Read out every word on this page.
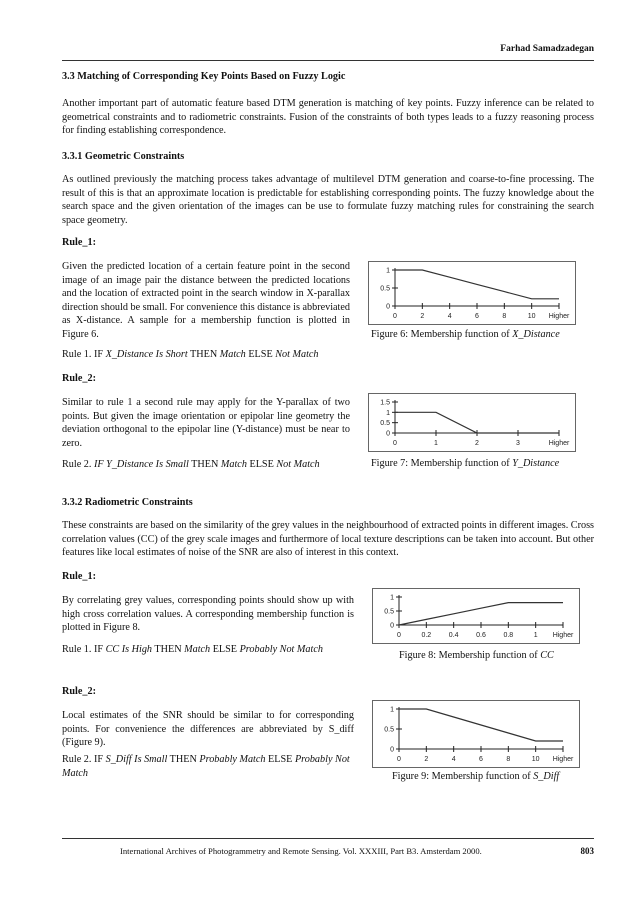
Farhad Samadzadegan
3.3 Matching of Corresponding Key Points Based on Fuzzy Logic
Another important part of automatic feature based DTM generation is matching of key points. Fuzzy inference can be related to geometrical constraints and to radiometric constraints. Fusion of the constraints of both types leads to a fuzzy reasoning process for finding establishing correspondence.
3.3.1 Geometric Constraints
As outlined previously the matching process takes advantage of multilevel DTM generation and coarse-to-fine processing. The result of this is that an approximate location is predictable for establishing corresponding points. The fuzzy knowledge about the search space and the given orientation of the images can be use to formulate fuzzy matching rules for constraining the search space geometry.
Rule_1:
Given the predicted location of a certain feature point in the second image of an image pair the distance between the predicted locations and the location of extracted point in the search window in X-parallax direction should be small. For convenience this distance is abbreviated as X-distance. A sample for a membership function is plotted in Figure 6.
Rule 1. IF X_Distance Is Short THEN Match ELSE Not Match
Rule_2:
Similar to rule 1 a second rule may apply for the Y-parallax of two points. But given the image orientation or epipolar line geometry the deviation orthogonal to the epipolar line (Y-distance) must be near to zero.
Rule 2. IF Y_Distance Is Small THEN Match ELSE Not Match
3.3.2 Radiometric Constraints
These constraints are based on the similarity of the grey values in the neighbourhood of extracted points in different images. Cross correlation values (CC) of the grey scale images and furthermore of local texture descriptions can be taken into account. But other features like local estimates of noise of the SNR are also of interest in this context.
Rule_1:
By correlating grey values, corresponding points should show up with high cross correlation values. A corresponding membership function is plotted in Figure 8.
Rule 1. IF CC Is High THEN Match ELSE Probably Not Match
Rule_2:
Local estimates of the SNR should be similar to for corresponding points. For convenience the differences are abbreviated by S_diff (Figure 9).
Rule 2. IF S_Diff Is Small THEN Probably Match ELSE Probably Not Match
0
0.5
1
0	2	4	6	8	10 Higher
Figure 6: Membership function of X_Distance
0
0.5
1
1.5
0	1	2	3	Higher
Figure 7: Membership function of Y_Distance
0
0.5
1
0	0.2	0.4	0.6	0.8	1 Higher
Figure 8: Membership function of CC
0
0.5
1
0	2	4	6	8	10 Higher
Figure 9: Membership function of S_Diff
International Archives of Photogrammetry and Remote Sensing. Vol. XXXIII, Part B3. Amsterdam 2000.	803
